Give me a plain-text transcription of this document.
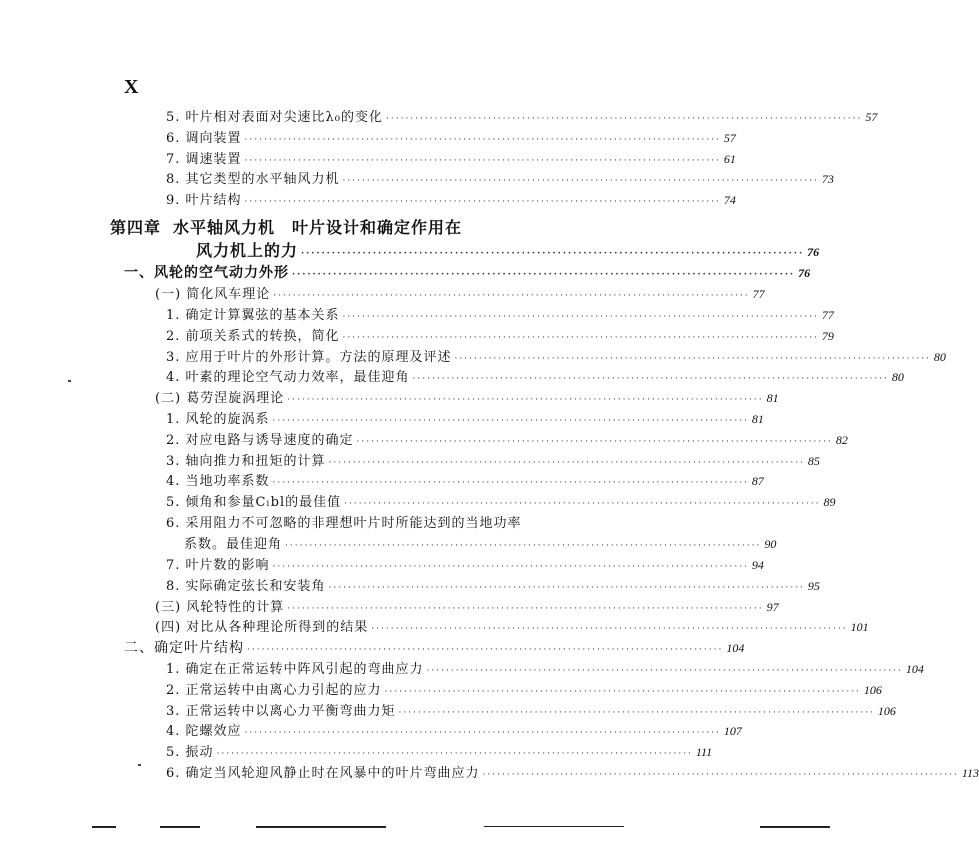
X
5. 叶片相对表面对尖速比λ₀的变化 ·································································································· 57
6. 调向装置 ·································································································· 57
7. 调速装置 ·································································································· 61
8. 其它类型的水平轴风力机 ·································································································· 73
9. 叶片结构 ·································································································· 74
第四章 水平轴风力机　叶片设计和确定作用在
风力机上的力 ·································································································· 76
一、风轮的空气动力外形 ·································································································· 76
(一) 简化风车理论 ·································································································· 77
1. 确定计算翼弦的基本关系 ·································································································· 77
2. 前项关系式的转换，简化 ·································································································· 79
3. 应用于叶片的外形计算。方法的原理及评述 ·································································································· 80
4. 叶素的理论空气动力效率，最佳迎角 ·································································································· 80
(二) 葛劳涅旋涡理论 ·································································································· 81
1. 风轮的旋涡系 ·································································································· 81
2. 对应电路与诱导速度的确定 ·································································································· 82
3. 轴向推力和扭矩的计算 ·································································································· 85
4. 当地功率系数 ·································································································· 87
5. 倾角和参量Cₗbl的最佳值 ·································································································· 89
6. 采用阻力不可忽略的非理想叶片时所能达到的当地功率
系数。最佳迎角 ·································································································· 90
7. 叶片数的影响 ·································································································· 94
8. 实际确定弦长和安装角 ·································································································· 95
(三) 风轮特性的计算 ·································································································· 97
(四) 对比从各种理论所得到的结果 ·································································································· 101
二、确定叶片结构 ·································································································· 104
1. 确定在正常运转中阵风引起的弯曲应力 ·································································································· 104
2. 正常运转中由离心力引起的应力 ·································································································· 106
3. 正常运转中以离心力平衡弯曲力矩 ·································································································· 106
4. 陀螺效应 ·································································································· 107
5. 振动 ·································································································· 111
6. 确定当风轮迎风静止时在风暴中的叶片弯曲应力 ·································································································· 113
